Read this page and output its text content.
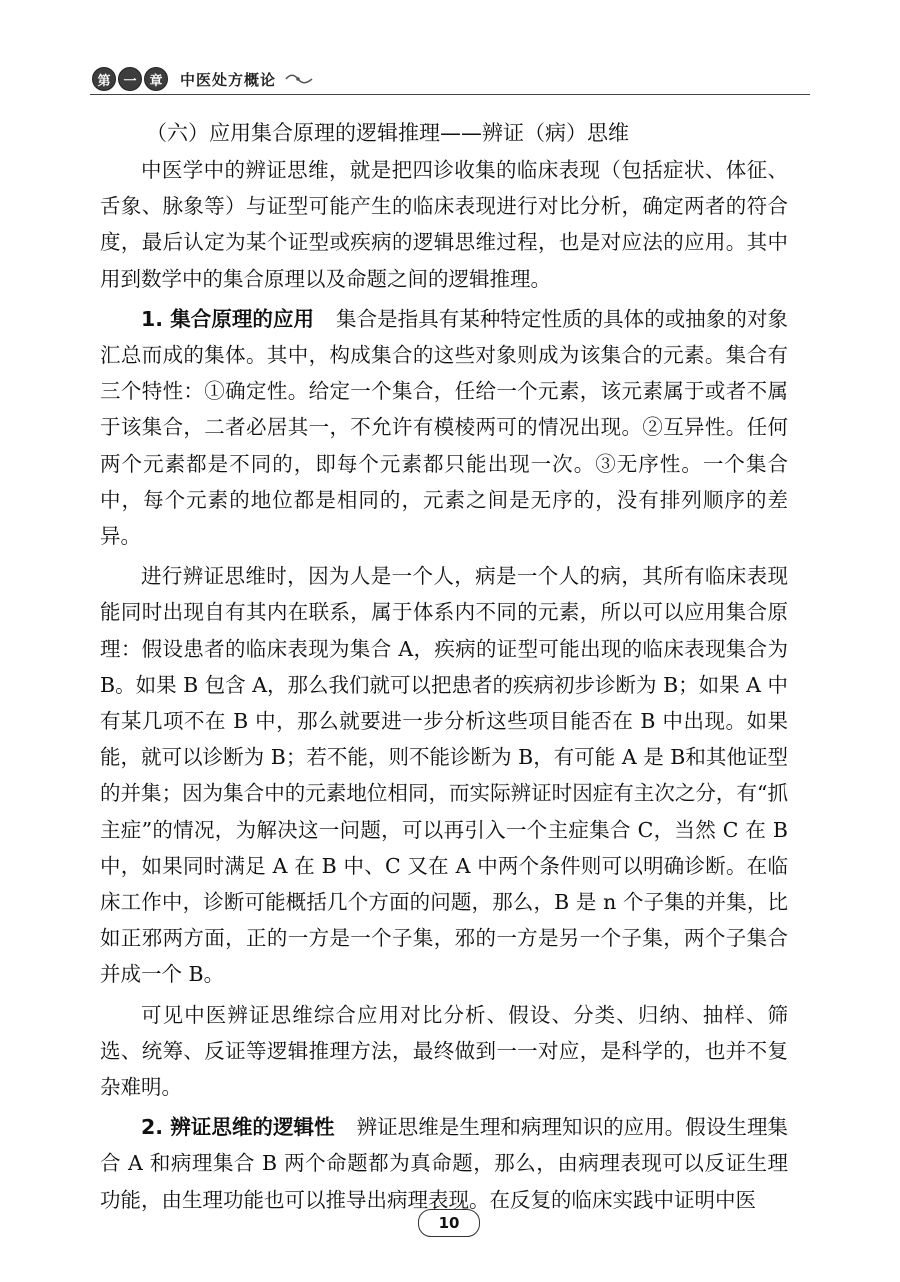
第 一 章	中医处方概论
（六）应用集合原理的逻辑推理——辨证（病）思维

中医学中的辨证思维，就是把四诊收集的临床表现（包括症状、体征、舌象、脉象等）与证型可能产生的临床表现进行对比分析，确定两者的符合度，最后认定为某个证型或疾病的逻辑思维过程，也是对应法的应用。其中用到数学中的集合原理以及命题之间的逻辑推理。

1. 集合原理的应用 集合是指具有某种特定性质的具体的或抽象的对象汇总而成的集体。其中，构成集合的这些对象则成为该集合的元素。集合有三个特性：①确定性。给定一个集合，任给一个元素，该元素属于或者不属于该集合，二者必居其一，不允许有模棱两可的情况出现。②互异性。任何两个元素都是不同的，即每个元素都只能出现一次。③无序性。一个集合中，每个元素的地位都是相同的，元素之间是无序的，没有排列顺序的差异。

进行辨证思维时，因为人是一个人，病是一个人的病，其所有临床表现能同时出现自有其内在联系，属于体系内不同的元素，所以可以应用集合原理：假设患者的临床表现为集合 A，疾病的证型可能出现的临床表现集合为 B。如果 B 包含 A，那么我们就可以把患者的疾病初步诊断为 B；如果 A 中有某几项不在 B 中，那么就要进一步分析这些项目能否在 B 中出现。如果能，就可以诊断为 B；若不能，则不能诊断为 B，有可能 A 是 B和其他证型的并集；因为集合中的元素地位相同，而实际辨证时因症有主次之分，有“抓主症”的情况，为解决这一问题，可以再引入一个主症集合 C，当然 C 在 B 中，如果同时满足 A 在 B 中、C 又在 A 中两个条件则可以明确诊断。在临床工作中，诊断可能概括几个方面的问题，那么，B 是 n 个子集的并集，比如正邪两方面，正的一方是一个子集，邪的一方是另一个子集，两个子集合并成一个 B。

可见中医辨证思维综合应用对比分析、假设、分类、归纳、抽样、筛选、统筹、反证等逻辑推理方法，最终做到一一对应，是科学的，也并不复杂难明。

2. 辨证思维的逻辑性 辨证思维是生理和病理知识的应用。假设生理集合 A 和病理集合 B 两个命题都为真命题，那么，由病理表现可以反证生理功能，由生理功能也可以推导出病理表现。在反复的临床实践中证明中医

10
